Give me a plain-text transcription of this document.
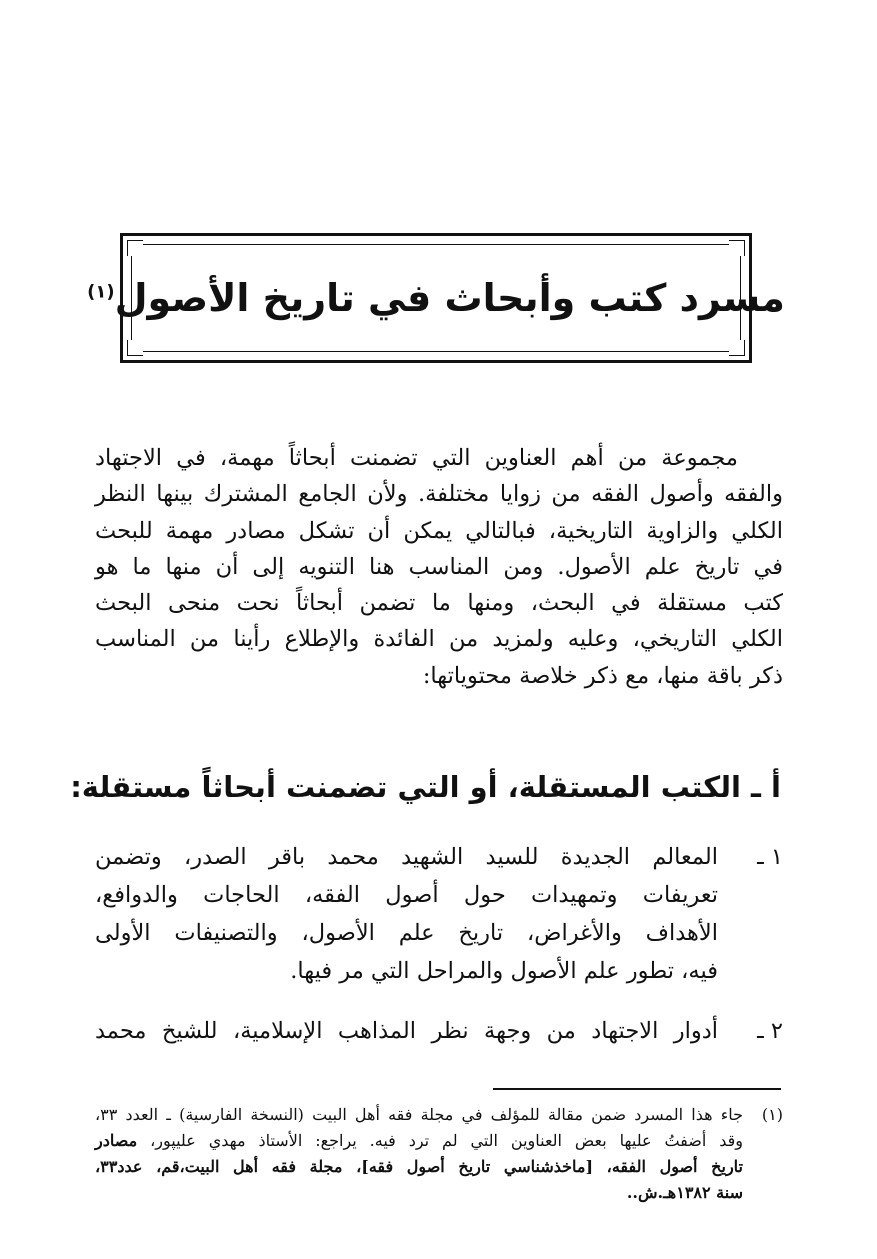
مسرد كتب وأبحاث في تاريخ الأصول$^{(١)}$
مجموعة من أهم العناوين التي تضمنت أبحاثاً مهمة، في الاجتهاد
والفقه وأصول الفقه من زوايا مختلفة. ولأن الجامع المشترك بينها النظر
الكلي والزاوية التاريخية، فبالتالي يمكن أن تشكل مصادر مهمة للبحث
في تاريخ علم الأصول. ومن المناسب هنا التنويه إلى أن منها ما هو
كتب مستقلة في البحث، ومنها ما تضمن أبحاثاً نحت منحى البحث
الكلي التاريخي، وعليه ولمزيد من الفائدة والإطلاع رأينا من المناسب
ذكر باقة منها، مع ذكر خلاصة محتوياتها:
أ ـ الكتب المستقلة، أو التي تضمنت أبحاثاً مستقلة:
١ ـ
المعالم الجديدة للسيد الشهيد محمد باقر الصدر، وتضمن
تعريفات وتمهيدات حول أصول الفقه، الحاجات والدوافع،
الأهداف والأغراض، تاريخ علم الأصول، والتصنيفات الأولى
فيه، تطور علم الأصول والمراحل التي مر فيها.
٢ ـ
أدوار الاجتهاد من وجهة نظر المذاهب الإسلامية، للشيخ محمد
(١)
جاء هذا المسرد ضمن مقالة للمؤلف في مجلة فقه أهل البيت (النسخة الفارسية) ـ العدد ٣٣،
وقد أضفتُ عليها بعض العناوين التي لم ترد فيه. يراجع: الأستاذ مهدي عليپور، مصادر
تاريخ أصول الفقه، [ماخذشناسي تاريخ أصول فقه]، مجلة فقه أهل البيت،قم، عدد٣٣،
سنة ١٣٨٢هـ.ش..
